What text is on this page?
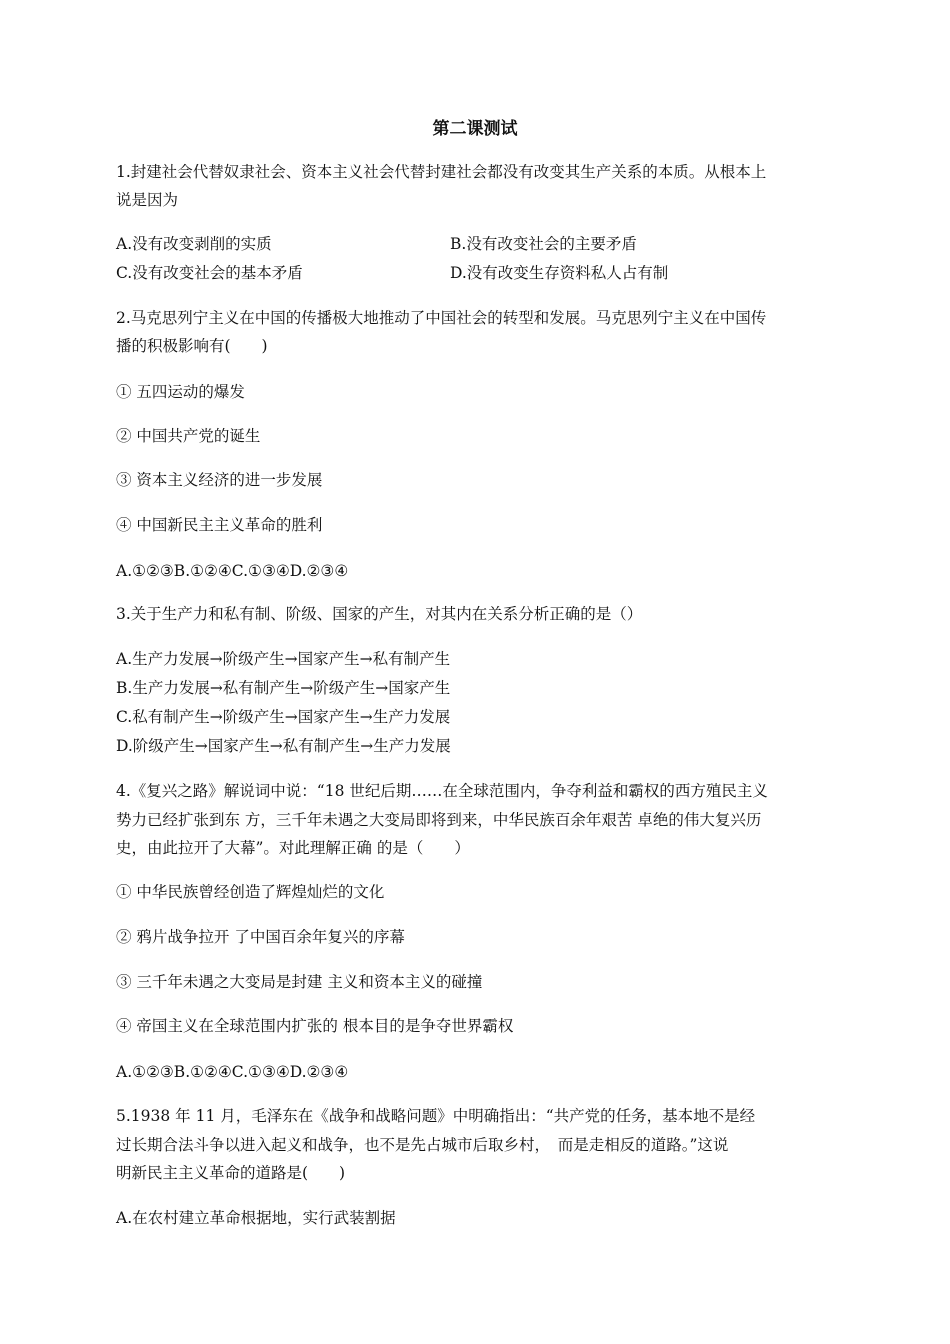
第二课测试
1.封建社会代替奴隶社会、资本主义社会代替封建社会都没有改变其生产关系的本质。从根本上
说是因为
A.没有改变剥削的实质	B.没有改变社会的主要矛盾
C.没有改变社会的基本矛盾	D.没有改变生存资料私人占有制
2.马克思列宁主义在中国的传播极大地推动了中国社会的转型和发展。马克思列宁主义在中国传
播的积极影响有(　　)
① 五四运动的爆发
② 中国共产党的诞生
③ 资本主义经济的进一步发展
④ 中国新民主主义革命的胜利
A.①②③B.①②④C.①③④D.②③④
3.关于生产力和私有制、阶级、国家的产生，对其内在关系分析正确的是（）
A.生产力发展→阶级产生→国家产生→私有制产生
B.生产力发展→私有制产生→阶级产生→国家产生
C.私有制产生→阶级产生→国家产生→生产力发展
D.阶级产生→国家产生→私有制产生→生产力发展
4.《复兴之路》解说词中说：“18 世纪后期……在全球范围内，争夺利益和霸权的西方殖民主义
势力已经扩张到东 方，三千年未遇之大变局即将到来，中华民族百余年艰苦 卓绝的伟大复兴历
史，由此拉开了大幕”。对此理解正确 的是（　　）
① 中华民族曾经创造了辉煌灿烂的文化
② 鸦片战争拉开 了中国百余年复兴的序幕
③ 三千年未遇之大变局是封建 主义和资本主义的碰撞
④ 帝国主义在全球范围内扩张的 根本目的是争夺世界霸权
A.①②③B.①②④C.①③④D.②③④
5.1938 年 11 月，毛泽东在《战争和战略问题》中明确指出：“共产党的任务，基本地不是经
过长期合法斗争以进入起义和战争，也不是先占城市后取乡村，　而是走相反的道路。”这说
明新民主主义革命的道路是(　　)
A.在农村建立革命根据地，实行武装割据
